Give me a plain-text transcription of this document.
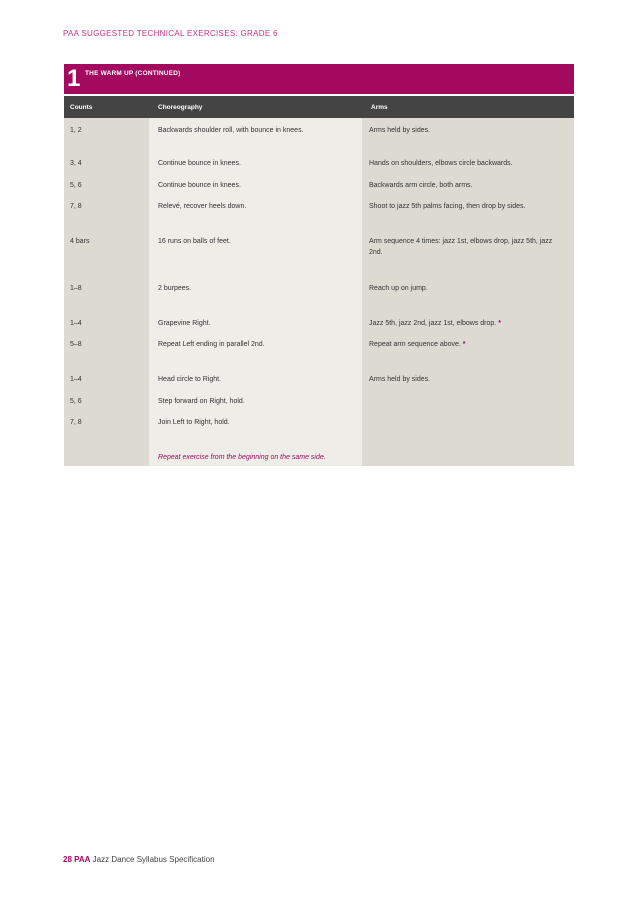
PAA SUGGESTED TECHNICAL EXERCISES: GRADE 6
1 THE WARM UP (CONTINUED)
Counts	Choreography	Arms
1, 2	Backwards shoulder roll, with bounce in knees.	Arms held by sides.
3, 4	Continue bounce in knees.	Hands on shoulders, elbows circle backwards.
5, 6	Continue bounce in knees.	Backwards arm circle, both arms.
7, 8	Relevé, recover heels down.	Shoot to jazz 5th palms facing, then drop by sides.
4 bars	16 runs on balls of feet.	Arm sequence 4 times: jazz 1st, elbows drop, jazz 5th, jazz 2nd.
1–8	2 burpees.	Reach up on jump.
1–4	Grapevine Right.	Jazz 5th, jazz 2nd, jazz 1st, elbows drop. *
5–8	Repeat Left ending in parallel 2nd.	Repeat arm sequence above. *
1–4	Head circle to Right.	Arms held by sides.
5, 6	Step forward on Right, hold.
7, 8	Join Left to Right, hold.
Repeat exercise from the beginning on the same side.
28 PAA Jazz Dance Syllabus Specification
